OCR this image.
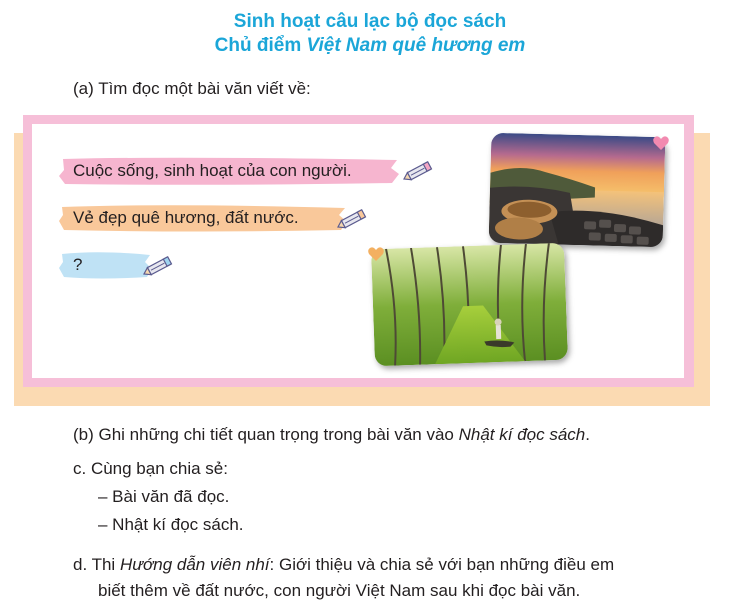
Sinh hoạt câu lạc bộ đọc sách
Chủ điểm Việt Nam quê hương em
(a) Tìm đọc một bài văn viết về:
Cuộc sống, sinh hoạt của con người.
Vẻ đẹp quê hương, đất nước.
?
(b) Ghi những chi tiết quan trọng trong bài văn vào Nhật kí đọc sách.
c. Cùng bạn chia sẻ:
– Bài văn đã đọc.
– Nhật kí đọc sách.
d. Thi Hướng dẫn viên nhí: Giới thiệu và chia sẻ với bạn những điều em
biết thêm về đất nước, con người Việt Nam sau khi đọc bài văn.
